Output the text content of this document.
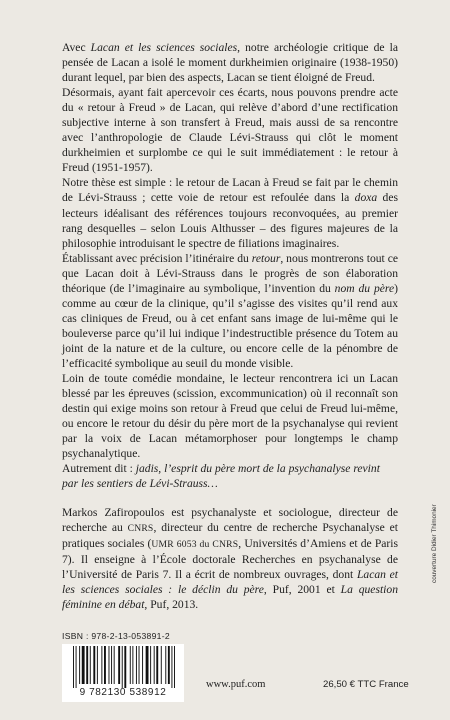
Avec Lacan et les sciences sociales, notre archéologie critique de la pensée de Lacan a isolé le moment durkheimien originaire (1938-1950) durant lequel, par bien des aspects, Lacan se tient éloigné de Freud.

Désormais, ayant fait apercevoir ces écarts, nous pouvons prendre acte du « retour à Freud » de Lacan, qui relève d’abord d’une rectification subjective interne à son transfert à Freud, mais aussi de sa rencontre avec l’anthropologie de Claude Lévi-Strauss qui clôt le moment durkheimien et surplombe ce qui le suit immédiatement : le retour à Freud (1951-1957).

Notre thèse est simple : le retour de Lacan à Freud se fait par le chemin de Lévi-Strauss ; cette voie de retour est refoulée dans la doxa des lecteurs idéalisant des références toujours reconvoquées, au premier rang desquelles – selon Louis Althusser – des figures majeures de la philosophie introduisant le spectre de filiations imaginaires.

Établissant avec précision l’itinéraire du retour, nous montrerons tout ce que Lacan doit à Lévi-Strauss dans le progrès de son élaboration théorique (de l’imaginaire au symbolique, l’invention du nom du père) comme au cœur de la clinique, qu’il s’agisse des visites qu’il rend aux cas cliniques de Freud, ou à cet enfant sans image de lui-même qui le bouleverse parce qu’il lui indique l’indestructible présence du Totem au joint de la nature et de la culture, ou encore celle de la pénombre de l’efficacité symbolique au seuil du monde visible.

Loin de toute comédie mondaine, le lecteur rencontrera ici un Lacan blessé par les épreuves (scission, excommunication) où il reconnaît son destin qui exige moins son retour à Freud que celui de Freud lui-même, ou encore le retour du désir du père mort de la psychanalyse qui revient par la voix de Lacan métamorphoser pour longtemps le champ psychanalytique.

Autrement dit : jadis, l’esprit du père mort de la psychanalyse revint par les sentiers de Lévi-Strauss…

Markos Zafiropoulos est psychanalyste et sociologue, directeur de recherche au CNRS, directeur du centre de recherche Psychanalyse et pratiques sociales (UMR 6053 du CNRS, Universités d’Amiens et de Paris 7). Il enseigne à l’École doctorale Recherches en psychanalyse de l’Université de Paris 7. Il a écrit de nombreux ouvrages, dont Lacan et les sciences sociales : le déclin du père, Puf, 2001 et La question féminine en débat, Puf, 2013.

ISBN : 978-2-13-053891-2
9 782130 538912
www.puf.com	26,50 € TTC France
couverture Didier Thimonier
